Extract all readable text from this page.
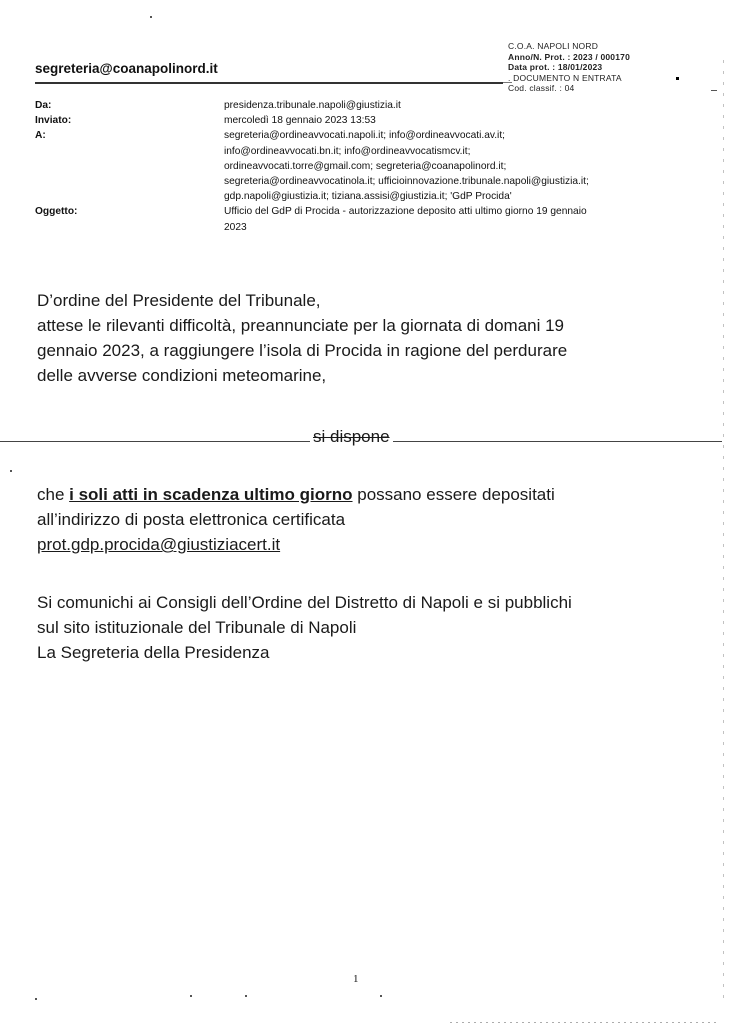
C.O.A. NAPOLI NORD
Anno/N. Prot. : 2023 / 000170
Data prot. : 18/01/2023
. DOCUMENTO N ENTRATA
Cod. classif. : 04
segreteria@coanapolinord.it
Da:	presidenza.tribunale.napoli@giustizia.it
Inviato:	mercoledì 18 gennaio 2023 13:53
A:	segreteria@ordineavvocati.napoli.it; info@ordineavvocati.av.it;
info@ordineavvocati.bn.it; info@ordineavvocatismcv.it;
ordineavvocati.torre@gmail.com; segreteria@coanapolinord.it;
segreteria@ordineavvocatinola.it; ufficioinnovazione.tribunale.napoli@giustizia.it;
gdp.napoli@giustizia.it; tiziana.assisi@giustizia.it; 'GdP Procida'
Oggetto:	Ufficio del GdP di Procida - autorizzazione deposito atti ultimo giorno 19 gennaio
2023
D’ordine del Presidente del Tribunale,
attese le rilevanti difficoltà, preannunciate per la giornata di domani 19
gennaio 2023, a raggiungere l’isola di Procida in ragione del perdurare
delle avverse condizioni meteomarine,
si dispone
che i soli atti in scadenza ultimo giorno possano essere depositati
all’indirizzo di posta elettronica certificata
prot.gdp.procida@giustiziacert.it
Si comunichi ai Consigli dell’Ordine del Distretto di Napoli e si pubblichi
sul sito istituzionale del Tribunale di Napoli
La Segreteria della Presidenza
1
